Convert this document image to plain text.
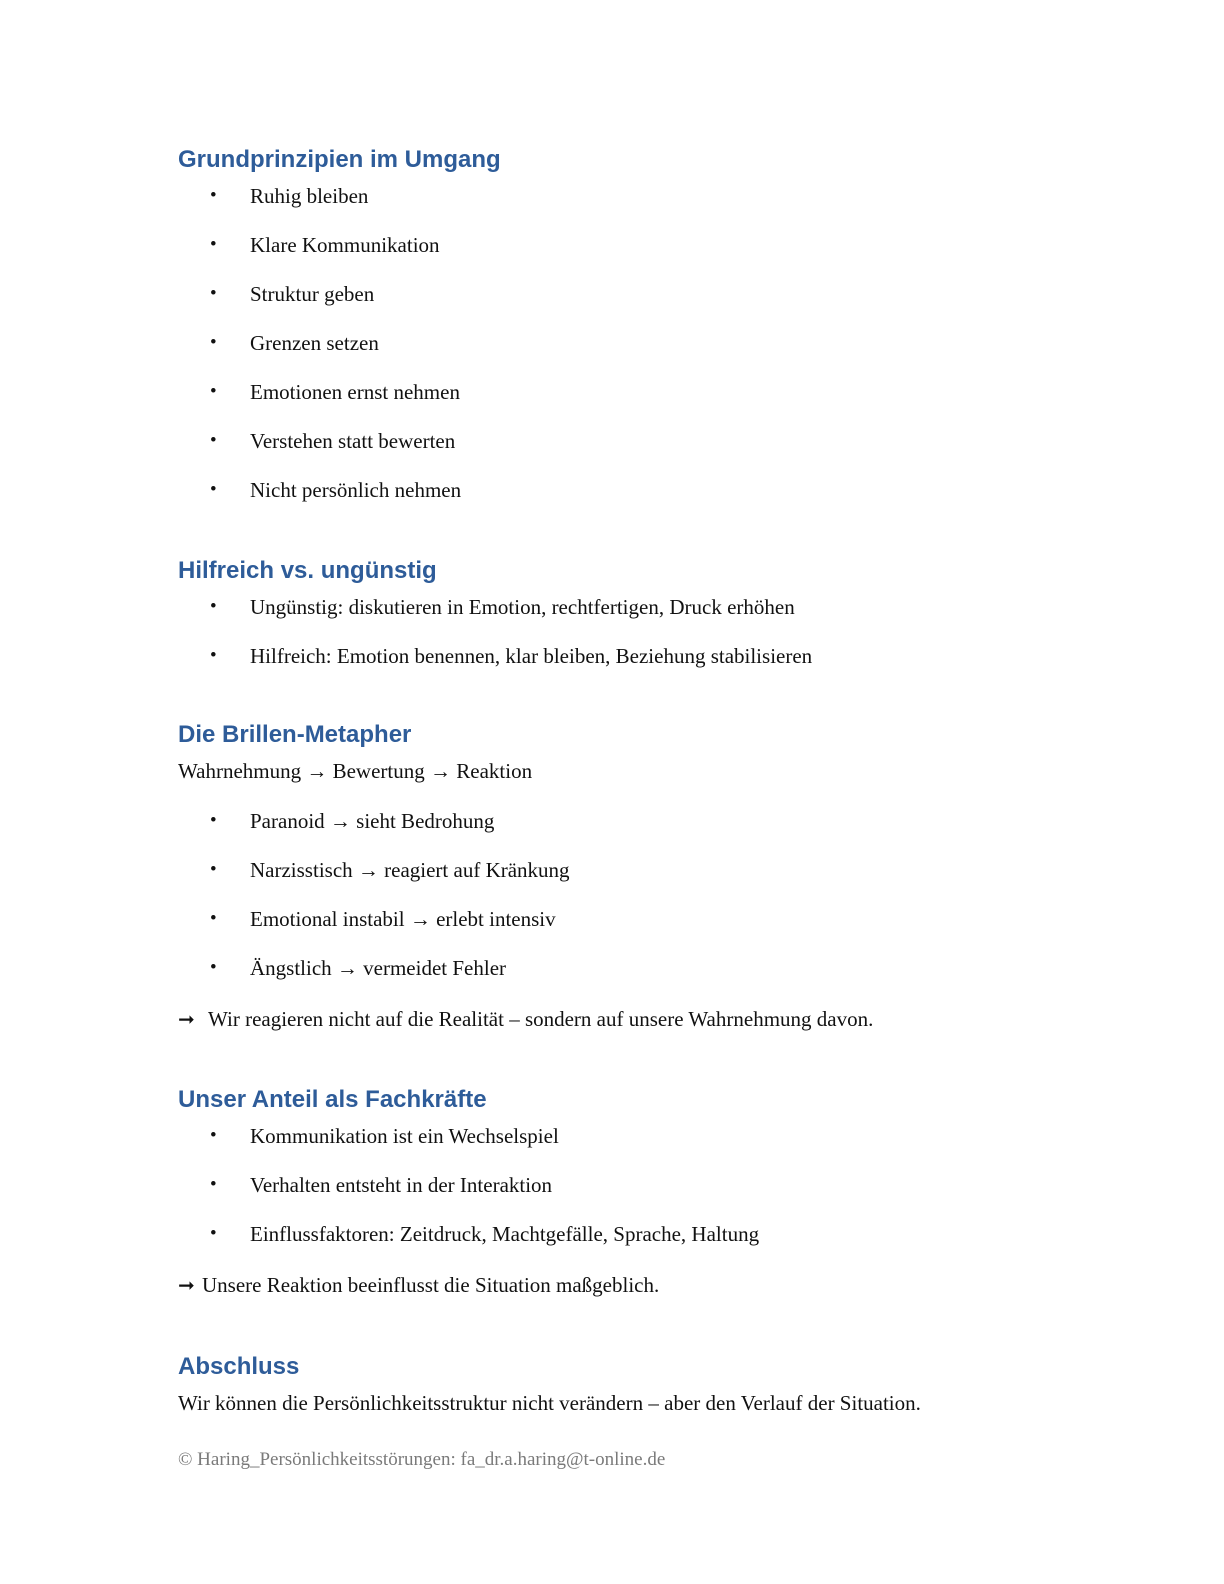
Grundprinzipien im Umgang
• Ruhig bleiben
• Klare Kommunikation
• Struktur geben
• Grenzen setzen
• Emotionen ernst nehmen
• Verstehen statt bewerten
• Nicht persönlich nehmen
Hilfreich vs. ungünstig
• Ungünstig: diskutieren in Emotion, rechtfertigen, Druck erhöhen
• Hilfreich: Emotion benennen, klar bleiben, Beziehung stabilisieren
Die Brillen-Metapher

Wahrnehmung → Bewertung → Reaktion

• Paranoid → sieht Bedrohung
• Narzisstisch → reagiert auf Kränkung
• Emotional instabil → erlebt intensiv
• Ängstlich → vermeidet Fehler

➞ Wir reagieren nicht auf die Realität – sondern auf unsere Wahrnehmung davon.

Unser Anteil als Fachkräfte
• Kommunikation ist ein Wechselspiel
• Verhalten entsteht in der Interaktion
• Einflussfaktoren: Zeitdruck, Machtgefälle, Sprache, Haltung

➞ Unsere Reaktion beeinflusst die Situation maßgeblich.

Abschluss

Wir können die Persönlichkeitsstruktur nicht verändern – aber den Verlauf der Situation.

© Haring_Persönlichkeitsstörungen: fa_dr.a.haring@t-online.de
